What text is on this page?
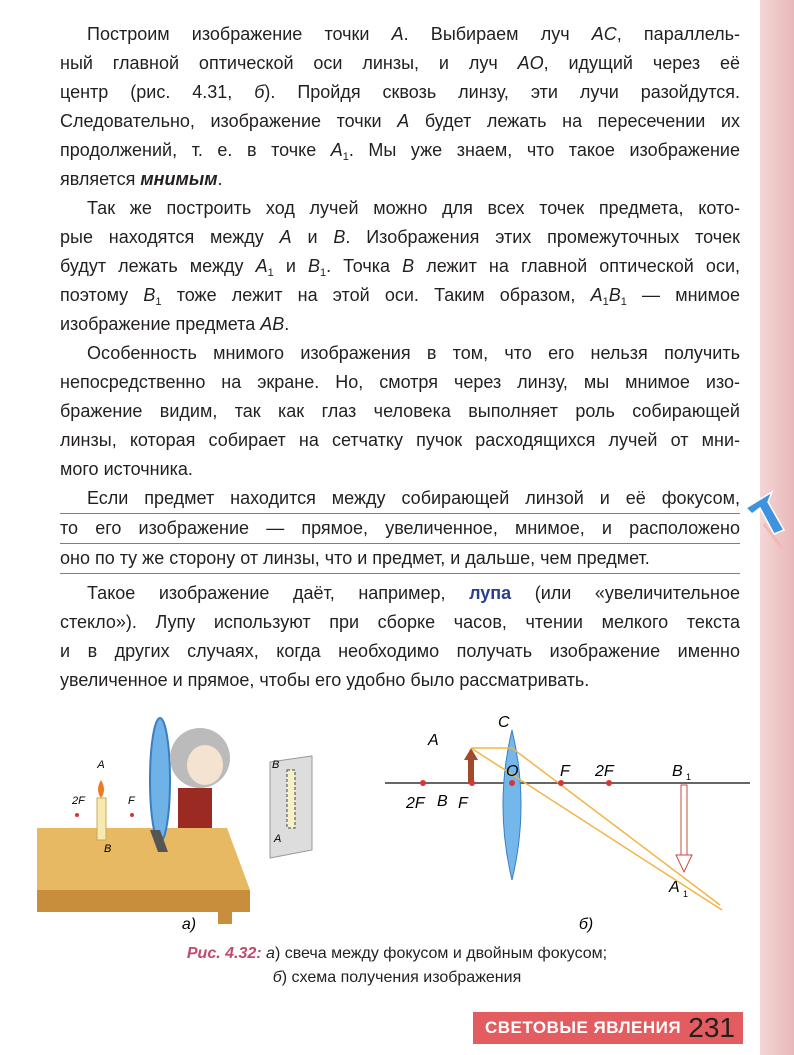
  Построим изображение точки A. Выбираем луч AC, параллель-
ный главной оптической оси линзы, и луч AO, идущий через её
центр (рис. 4.31, б). Пройдя сквозь линзу, эти лучи разойдутся.
Следовательно, изображение точки A будет лежать на пересечении их
продолжений, т. е. в точке $A_1$. Мы уже знаем, что такое изображение
является мнимым.
  Так же построить ход лучей можно для всех точек предмета, кото-
рые находятся между A и B. Изображения этих промежуточных точек
будут лежать между $A_1$ и $B_1$. Точка B лежит на главной оптической оси,
поэтому $B_1$ тоже лежит на этой оси. Таким образом, $A_1B_1$ — мнимое
изображение предмета AB.
  Особенность мнимого изображения в том, что его нельзя получить
непосредственно на экране. Но, смотря через линзу, мы мнимое изо-
бражение видим, так как глаз человека выполняет роль собирающей
линзы, которая собирает на сетчатку пучок расходящихся лучей от мни-
мого источника.
  Если предмет находится между собирающей линзой и её фокусом,
то его изображение — прямое, увеличенное, мнимое, и расположено
оно по ту же сторону от линзы, что и предмет, и дальше, чем предмет.
  Такое изображение даёт, например, лупа (или «увеличительное
стекло»). Лупу используют при сборке часов, чтении мелкого текста
и в других случаях, когда необходимо получать изображение именно
увеличенное и прямое, чтобы его удобно было рассматривать.
A
2F	F
B
B
A
а)
C
A
O	F 2F	B 1
2F B F
A 1
б)
Рис. 4.32: а) свеча между фокусом и двойным фокусом;
б) схема получения изображения
СВЕТОВЫЕ ЯВЛЕНИЯ 231
